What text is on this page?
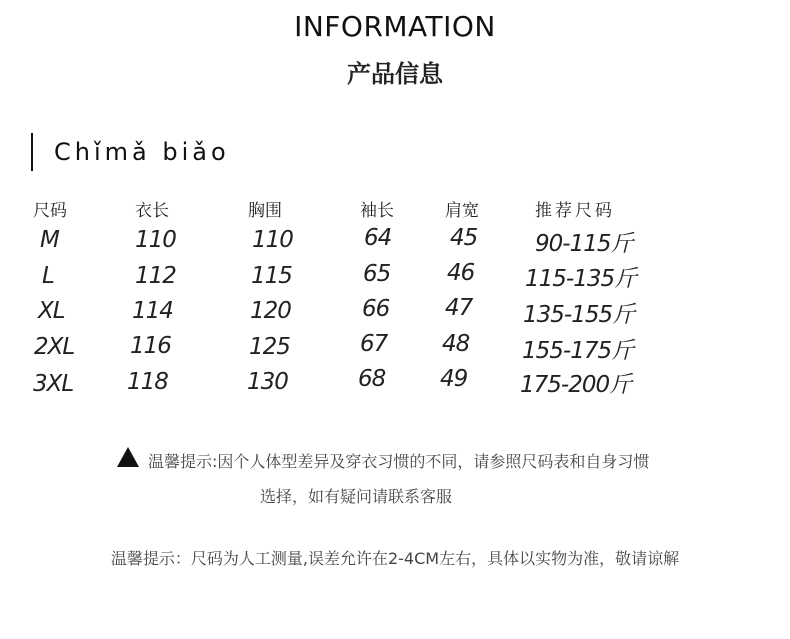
INFORMATION
产品信息
Chǐmǎ biǎo
尺码	衣长	胸围	袖长	肩宽	推荐尺码
M	110	110	64	45	90-115斤
L	112	115	65 46 115-135斤
XL	114	120	66 47 135-155斤
2XL 116	125	67 48 155-175斤
3XL 118	130	68 49 175-200斤
温馨提示:因个人体型差异及穿衣习惯的不同，请参照尺码表和自身习惯
选择，如有疑问请联系客服
温馨提示：尺码为人工测量,误差允许在2-4CM左右，具体以实物为准，敬请谅解
